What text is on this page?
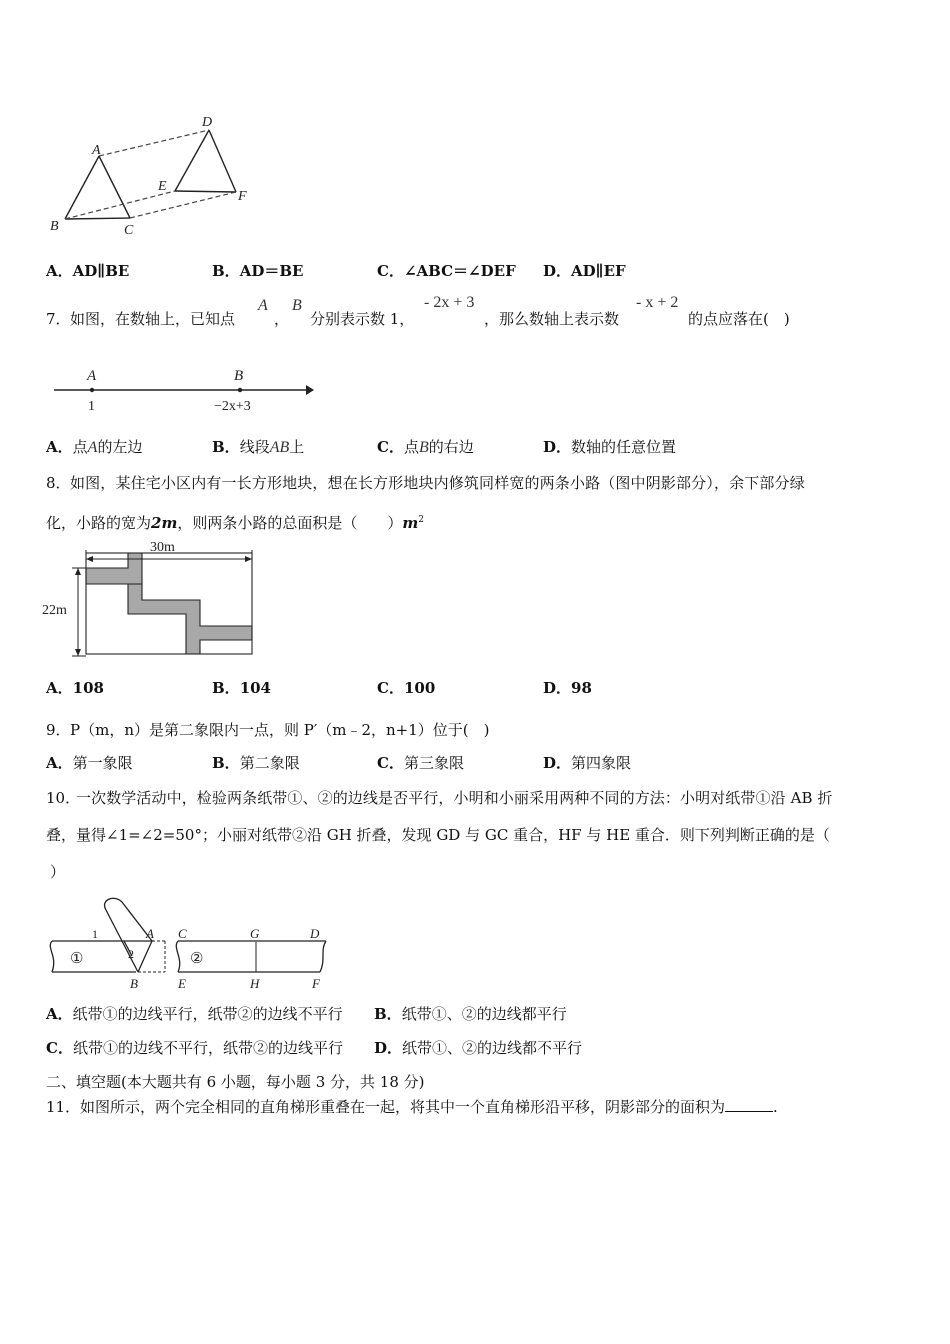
A
B	C
D
E
F
A．AD∥BE	B．AD＝BE	C．∠ABC＝∠DEF D．AD∥EF
7． 如图，在数轴上，已知点
A
，
B
分别表示数 1，
- 2x + 3
，那么数轴上表示数
- x + 2
的点应落在(　)
A	B
1	−2x+3
A．点A的左边	B．线段AB上	C．点B的右边	D．数轴的任意位置
8． 如图，某住宅小区内有一长方形地块，想在长方形地块内修筑同样宽的两条小路（图中阴影部分），余下部分绿
化，小路的宽为2m，则两条小路的总面积是（　　）$m^2$
30m
22m
A．108	B．104	C．100	D．98
9． P（m，n）是第二象限内一点，则 P′（m﹣2，n+1）位于(　)
A．第一象限	B．第二象限	C．第三象限	D．第四象限
10．
一次数学活动中，检验两条纸带①、②的边线是否平行，小明和小丽采用两种不同的方法：小明对纸带①沿 AB 折
叠，量得∠1=∠2=50°；小丽对纸带②沿 GH 折叠，发现 GD 与 GC 重合，HF 与 HE 重合．则下列判断正确的是（
）
①	②
1
2
A
B
C	G	D
E	H	F
A．纸带①的边线平行，纸带②的边线不平行 B．纸带①、②的边线都平行
C．纸带①的边线不平行，纸带②的边线平行 D．纸带①、②的边线都不平行
二、填空题(本大题共有 6 小题，每小题 3 分，共 18 分)
11． 如图所示，两个完全相同的直角梯形重叠在一起，将其中一个直角梯形沿平移，阴影部分的面积为	.
